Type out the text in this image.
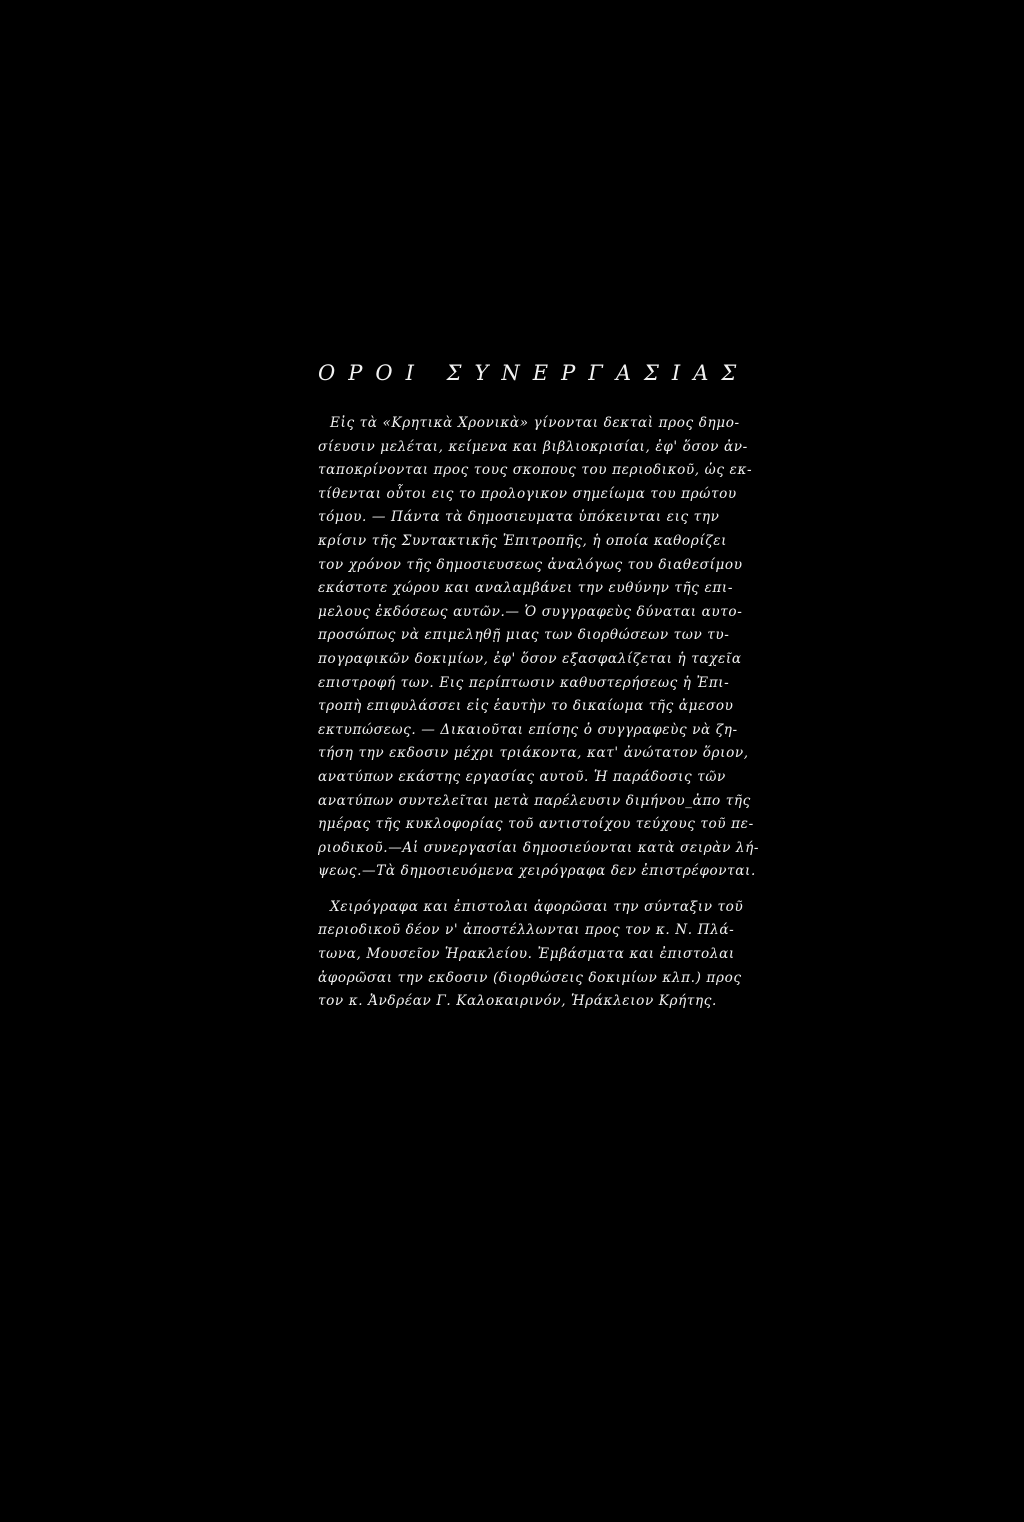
ΟΡΟΙ ΣΥΝΕΡΓΑΣΙΑΣ
Εἰς τὰ «Κρητικὰ Χρονικὰ» γίνονται δεκταὶ προς δημο-
σίευσιν μελέται, κείμενα και βιβλιοκρισίαι, ἐφ' ὅσον ἀν-
ταποκρίνονται προς τους σκοπους του περιοδικοῦ, ὡς εκ-
τίθενται οὗτοι εις το προλογικον σημείωμα του πρώτου
τόμου. — Πάντα τὰ δημοσιευματα ὑπόκεινται εις την
κρίσιν τῆς Συντακτικῆς Ἐπιτροπῆς, ἡ οποία καθορίζει
τον χρόνον τῆς δημοσιευσεως ἀναλόγως του διαθεσίμου
εκάστοτε χώρου και αναλαμβάνει την ευθύνην τῆς επι-
μελους ἐκδόσεως αυτῶν.— Ὁ συγγραφεὺς δύναται αυτο-
προσώπως νὰ επιμεληθῇ μιας των διορθώσεων των τυ-
πογραφικῶν δοκιμίων, ἐφ' ὅσον εξασφαλίζεται ἡ ταχεῖα
επιστροφή των. Εις περίπτωσιν καθυστερήσεως ἡ Ἐπι-
τροπὴ επιφυλάσσει εἰς ἑαυτὴν το δικαίωμα τῆς ἀμεσου
εκτυπώσεως. — Δικαιοῦται επίσης ὁ συγγραφεὺς νὰ ζη-
τήση την εκδοσιν μέχρι τριάκοντα, κατ' ἀνώτατον ὅριον,
ανατύπων εκάστης εργασίας αυτοῦ. Ἡ παράδοσις τῶν
ανατύπων συντελεῖται μετὰ παρέλευσιν διμήνου_ἀπο τῆς
ημέρας τῆς κυκλοφορίας τοῦ αντιστοίχου τεύχους τοῦ πε-
ριοδικοῦ.—Αἱ συνεργασίαι δημοσιεύονται κατὰ σειρὰν λή-
ψεως.—Τὰ δημοσιευόμενα χειρόγραφα δεν ἐπιστρέφονται.
Χειρόγραφα και ἐπιστολαι ἀφορῶσαι την σύνταξιν τοῦ
περιοδικοῦ δέον ν' ἀποστέλλωνται προς τον κ. Ν. Πλά-
τωνα, Μουσεῖον Ἡρακλείου. Ἐμβάσματα και ἐπιστολαι
ἀφορῶσαι την εκδοσιν (διορθώσεις δοκιμίων κλπ.) προς
τον κ. Ἀνδρέαν Γ. Καλοκαιρινόν, Ἡράκλειον Κρήτης.
